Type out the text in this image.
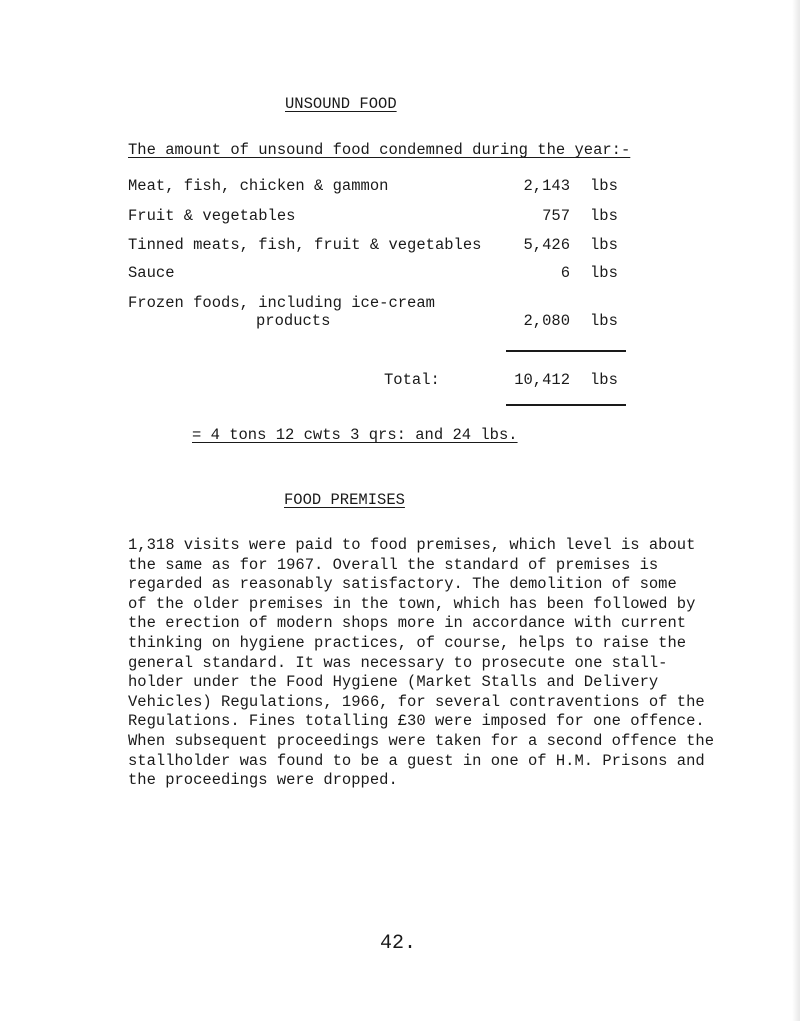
UNSOUND FOOD
The amount of unsound food condemned during the year:-
Meat, fish, chicken & gammon	2,143 lbs
Fruit & vegetables	757 lbs
Tinned meats, fish, fruit & vegetables	5,426 lbs
Sauce	6 lbs
Frozen foods, including ice-cream
products	2,080 lbs
Total:	10,412 lbs
= 4 tons 12 cwts 3 qrs: and 24 lbs.
FOOD PREMISES
1,318 visits were paid to food premises, which level is about
the same as for 1967. Overall the standard of premises is
regarded as reasonably satisfactory. The demolition of some
of the older premises in the town, which has been followed by
the erection of modern shops more in accordance with current
thinking on hygiene practices, of course, helps to raise the
general standard. It was necessary to prosecute one stall-
holder under the Food Hygiene (Market Stalls and Delivery
Vehicles) Regulations, 1966, for several contraventions of the
Regulations. Fines totalling £30 were imposed for one offence.
When subsequent proceedings were taken for a second offence the
stallholder was found to be a guest in one of H.M. Prisons and
the proceedings were dropped.
42.
